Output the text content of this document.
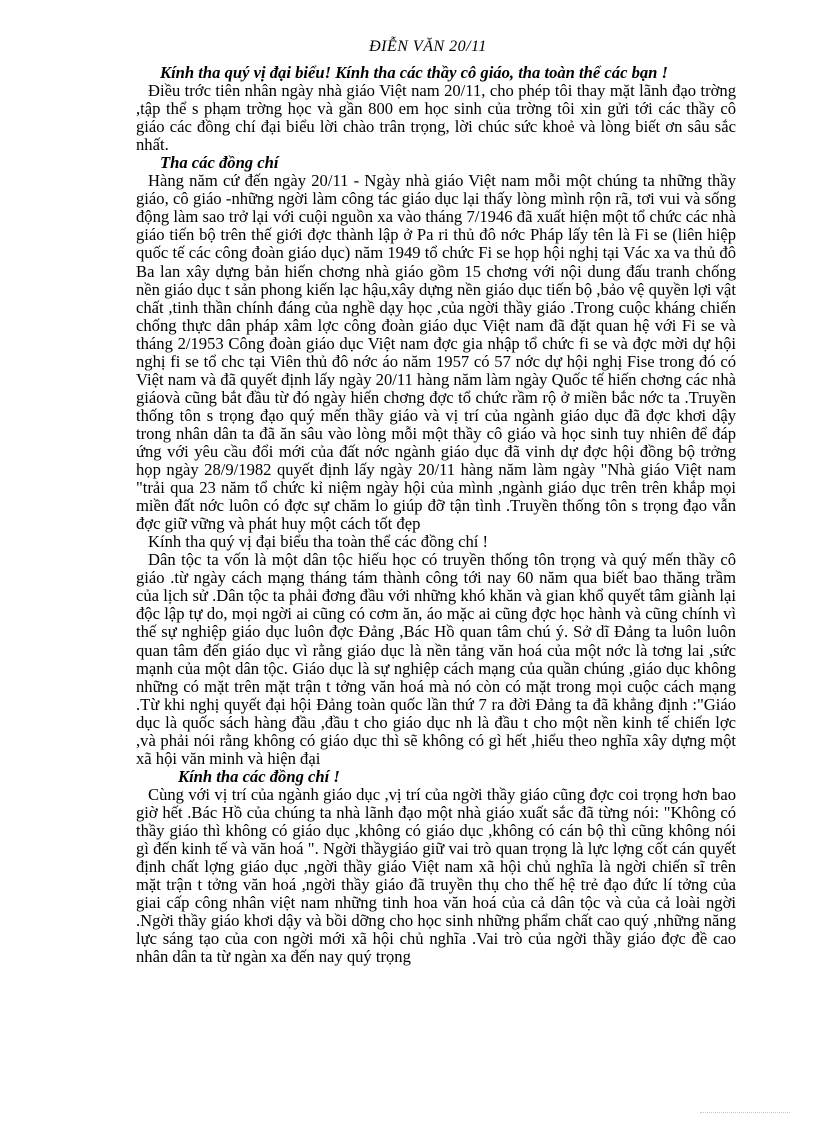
ĐIỄN VĂN 20/11

Kính tha quý vị đại biểu! Kính tha các thầy cô giáo, tha toàn thể các bạn !

Điều trớc tiên nhân ngày nhà giáo Việt nam 20/11, cho phép tôi thay mặt lãnh đạo trờng ,tập thể s phạm trờng học và gần 800 em học sinh của trờng tôi xin gửi tới các thầy cô giáo các đồng chí đại biểu lời chào trân trọng, lời chúc sức khoẻ và lòng biết ơn sâu sắc nhất.

Tha các đồng chí

Hàng năm cứ đến ngày 20/11 - Ngày nhà giáo Việt nam mỗi một chúng ta những thầy giáo, cô giáo -những ngời làm công tác giáo dục lại thấy lòng mình rộn rã, tơi vui và sống động làm sao trở lại với cuội nguồn xa vào tháng 7/1946 đã xuất hiện một tổ chức các nhà giáo tiến bộ trên thế giới đợc thành lập ở Pa ri thủ đô nớc Pháp lấy tên là Fi se (liên hiệp quốc tế các công đoàn giáo dục) năm 1949 tổ chức Fi se họp hội nghị tại Vác xa va thủ đô Ba lan xây dựng bản hiến chơng nhà giáo gồm 15 chơng với nội dung đấu tranh chống nền giáo dục t sản phong kiến lạc hậu,xây dựng nền giáo dục tiến bộ ,bảo vệ quyền lợi vật chất ,tinh thần chính đáng của nghề dạy học ,của ngời thầy giáo .Trong cuộc kháng chiến chống thực dân pháp xâm lợc công đoàn giáo dục Việt nam đã đặt quan hệ với Fi se và tháng 2/1953 Công đoàn giáo dục Việt nam đợc gia nhập tổ chức fi se và đợc mời dự hội nghị fi se tổ chc tại Viên thủ đô nớc áo năm 1957 có 57 nớc dự hội nghị Fise trong đó có Việt nam và đã quyết định lấy ngày 20/11 hàng năm làm ngày Quốc tế hiến chơng các nhà giáovà cũng bắt đầu từ đó ngày hiến chơng đợc tổ chức rầm rộ ở miền bắc nớc ta .Truyền thống tôn s trọng đạo quý mến thầy giáo và vị trí của ngành giáo dục đã đợc khơi dậy trong nhân dân ta đã ăn sâu vào lòng mỗi một thầy cô giáo và học sinh tuy nhiên để đáp ứng với yêu cầu đổi mới của đất nớc ngành giáo dục đã vinh dự đợc hội đồng bộ trởng họp ngày 28/9/1982 quyết định lấy ngày 20/11 hàng năm làm ngày "Nhà giáo Việt nam "trải qua 23 năm tổ chức kỉ niệm ngày hội của mình ,ngành giáo dục trên trên khắp mọi miền đất nớc luôn có đợc sự chăm lo giúp đỡ tận tình .Truyền thống tôn s trọng đạo vẫn đợc giữ vững và phát huy một cách tốt đẹp

Kính tha quý vị đại biểu tha toàn thể các đồng chí !

Dân tộc ta vốn là một dân tộc hiếu học có truyền thống tôn trọng và quý mến thầy cô giáo .từ ngày cách mạng tháng tám thành công tới nay 60 năm qua biết bao thăng trầm của lịch sử .Dân tộc ta phải đơng đầu với những khó khăn và gian khổ quyết tâm giành lại độc lập tự do, mọi ngời ai cũng có cơm ăn, áo mặc ai cũng đợc học hành và cũng chính vì thế sự nghiệp giáo dục luôn đợc Đảng ,Bác Hồ quan tâm chú ý. Sở dĩ Đảng ta luôn luôn quan tâm đến giáo dục vì rằng giáo dục là nền tảng văn hoá của một nớc là tơng lai ,sức mạnh của một dân tộc. Giáo dục là sự nghiệp cách mạng của quần chúng ,giáo dục không những có mặt trên mặt trận t tởng văn hoá mà nó còn có mặt trong mọi cuộc cách mạng .Từ khi nghị quyết đại hội Đảng toàn quốc lần thứ 7 ra đời Đảng ta đã khẳng định :"Giáo dục là quốc sách hàng đầu ,đầu t cho giáo dục nh là đầu t cho một nền kinh tế chiến lợc ,và phải nói rằng không có giáo dục thì sẽ không có gì hết ,hiểu theo nghĩa xây dựng một xã hội văn minh và hiện đại

Kính tha các đồng chí !

Cùng với vị trí của ngành giáo dục ,vị trí của ngời thầy giáo cũng đợc coi trọng hơn bao giờ hết .Bác Hồ của chúng ta nhà lãnh đạo một nhà giáo xuất sắc đã từng nói: "Không có thầy giáo thì không có giáo dục ,không có giáo dục ,không có cán bộ thì cũng không nói gì đến kinh tế và văn hoá ". Ngời thầygiáo giữ vai trò quan trọng là lực lợng cốt cán quyết định chất lợng giáo dục ,ngời thầy giáo Việt nam xã hội chủ nghĩa là ngời chiến sĩ trên mặt trận t tởng văn hoá ,ngời thầy giáo đã truyền thụ cho thế hệ trẻ đạo đức lí tởng của giai cấp công nhân việt nam những tinh hoa văn hoá của cả dân tộc và của cả loài ngời .Ngời thầy giáo khơi dậy và bồi dỡng cho học sinh những phẩm chất cao quý ,những năng lực sáng tạo của con ngời mới xã hội chủ nghĩa .Vai trò của ngời thầy giáo đợc đề cao nhân dân ta từ ngàn xa đến nay quý trọng
